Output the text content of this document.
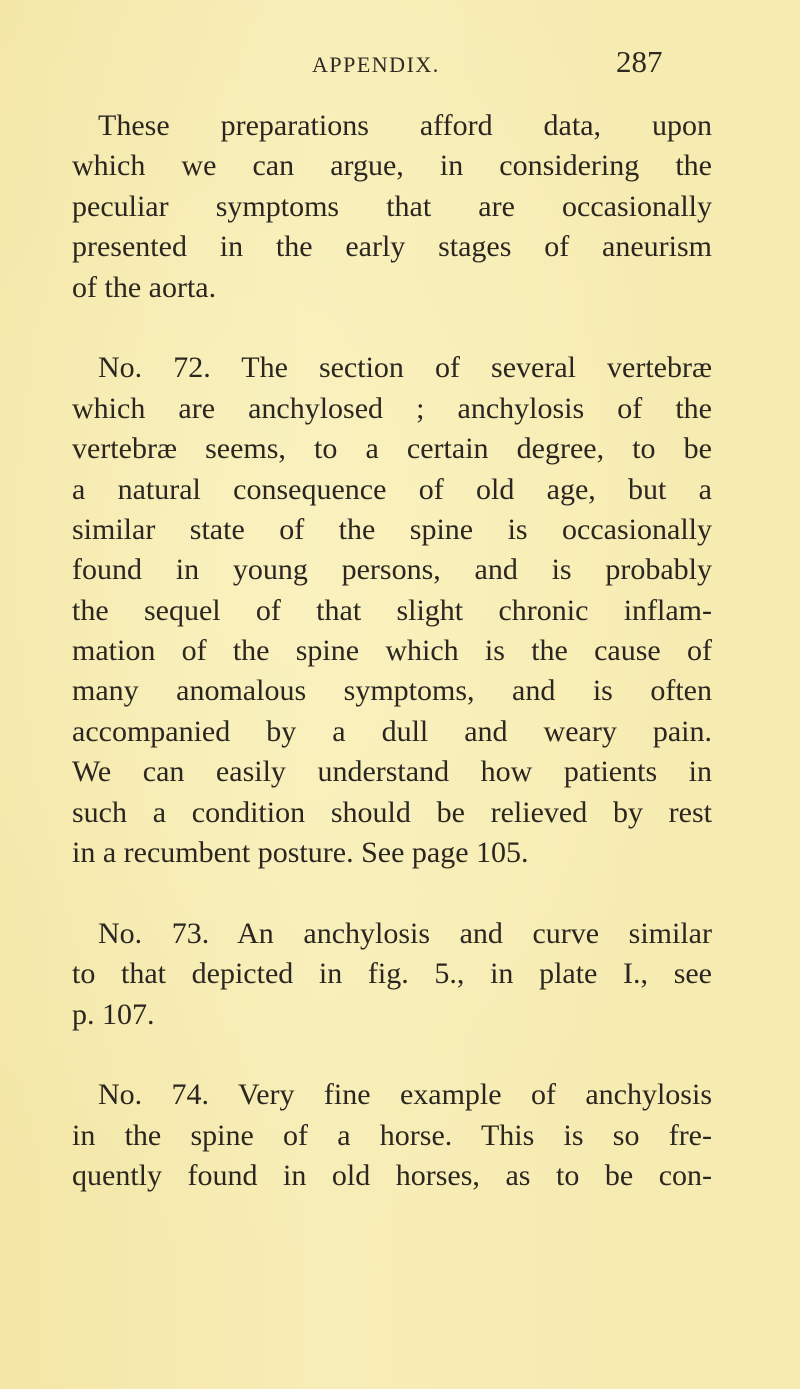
APPENDIX.	287
These preparations afford data, upon
which we can argue, in considering the
peculiar symptoms that are occasionally
presented in the early stages of aneurism
of the aorta.
No. 72. The section of several vertebræ
which are anchylosed ; anchylosis of the
vertebræ seems, to a certain degree, to be
a natural consequence of old age, but a
similar state of the spine is occasionally
found in young persons, and is probably
the sequel of that slight chronic inflam-
mation of the spine which is the cause of
many anomalous symptoms, and is often
accompanied by a dull and weary pain.
We can easily understand how patients in
such a condition should be relieved by rest
in a recumbent posture. See page 105.
No. 73. An anchylosis and curve similar
to that depicted in fig. 5., in plate I., see
p. 107.
No. 74. Very fine example of anchylosis
in the spine of a horse. This is so fre-
quently found in old horses, as to be con-
